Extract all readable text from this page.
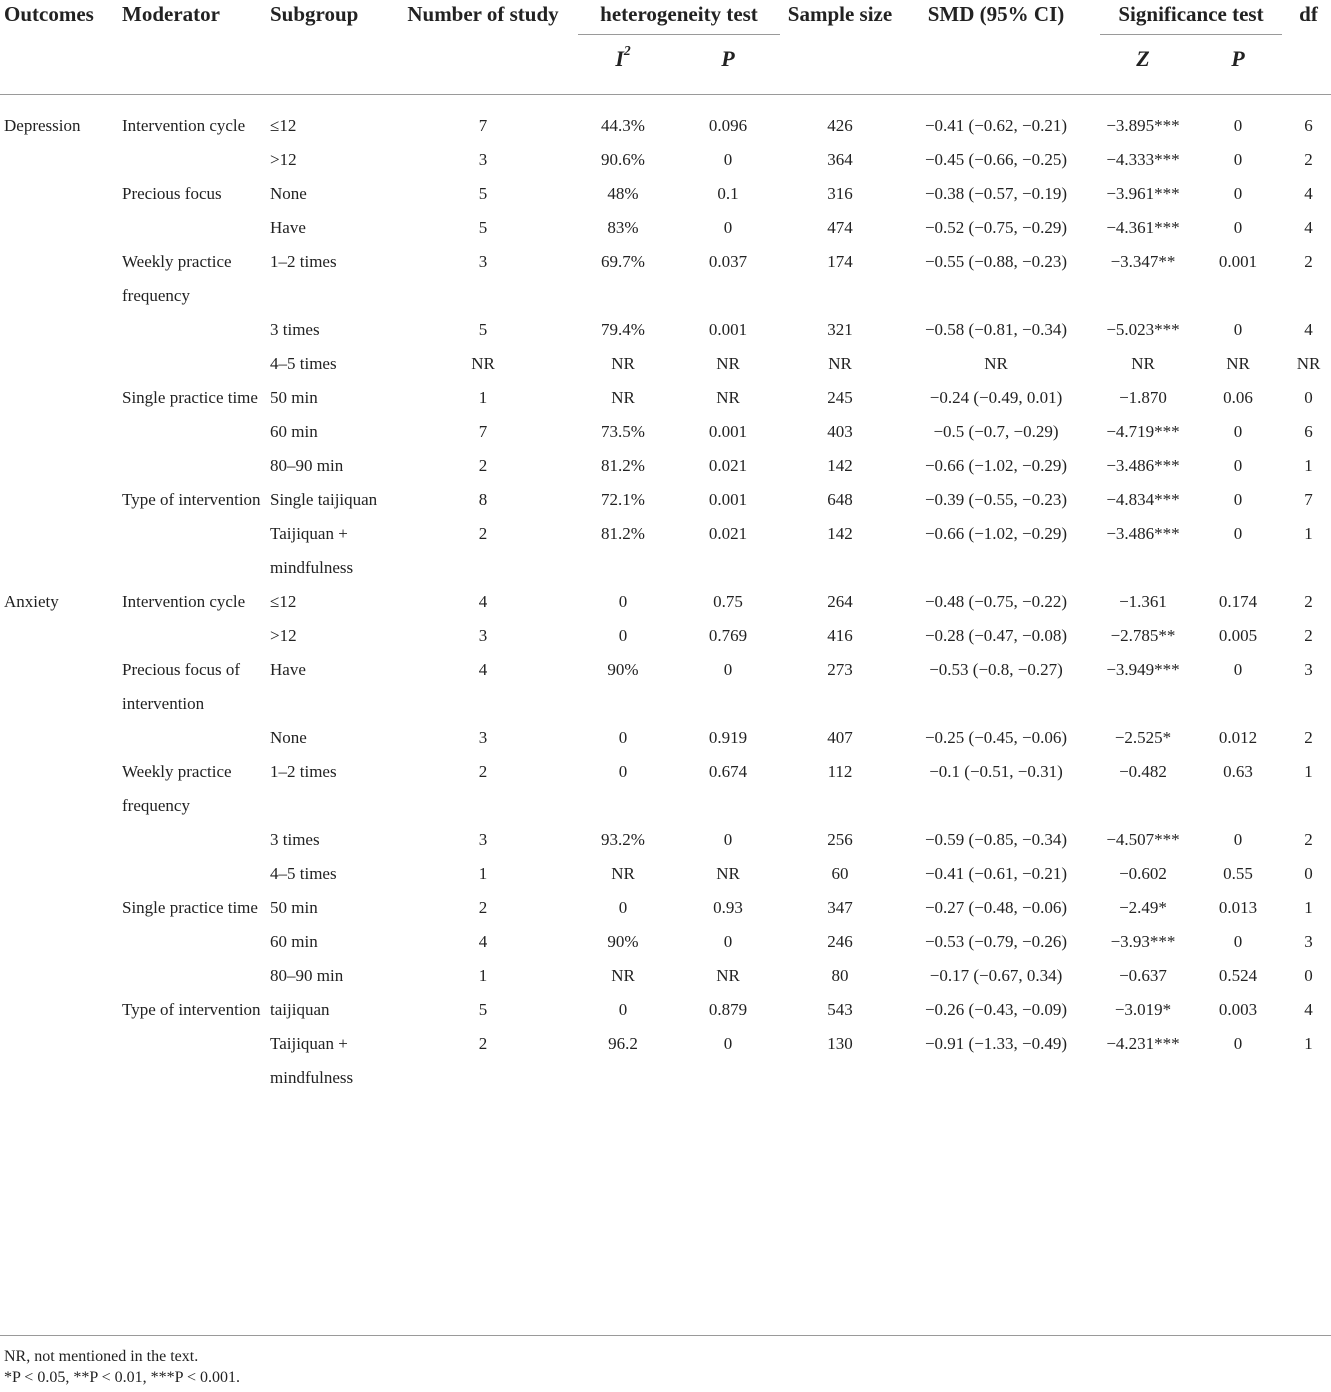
Outcomes	Moderator	Subgroup	Number of study	heterogeneity test		Sample size	SMD (95% CI)	Significance test		df
				$I^2$	P			Z	P	
Depression	Intervention cycle	≤12	7	44.3%	0.096	426	−0.41 (−0.62, −0.21)	−3.895***	0	6
		>12	3	90.6%	0	364	−0.45 (−0.66, −0.25)	−4.333***	0	2
	Precious focus	None	5	48%	0.1	316	−0.38 (−0.57, −0.19)	−3.961***	0	4
		Have	5	83%	0	474	−0.52 (−0.75, −0.29)	−4.361***	0	4
	Weekly practice frequency	1–2 times	3	69.7%	0.037	174	−0.55 (−0.88, −0.23)	−3.347**	0.001	2
		3 times	5	79.4%	0.001	321	−0.58 (−0.81, −0.34)	−5.023***	0	4
		4–5 times	NR	NR	NR	NR	NR	NR	NR	NR
	Single practice time	50 min	1	NR	NR	245	−0.24 (−0.49, 0.01)	−1.870	0.06	0
		60 min	7	73.5%	0.001	403	−0.5 (−0.7, −0.29)	−4.719***	0	6
		80–90 min	2	81.2%	0.021	142	−0.66 (−1.02, −0.29)	−3.486***	0	1
	Type of intervention	Single taijiquan	8	72.1%	0.001	648	−0.39 (−0.55, −0.23)	−4.834***	0	7
		Taijiquan + mindfulness	2	81.2%	0.021	142	−0.66 (−1.02, −0.29)	−3.486***	0	1
Anxiety	Intervention cycle	≤12	4	0	0.75	264	−0.48 (−0.75, −0.22)	−1.361	0.174	2
		>12	3	0	0.769	416	−0.28 (−0.47, −0.08)	−2.785**	0.005	2
	Precious focus of intervention	Have	4	90%	0	273	−0.53 (−0.8, −0.27)	−3.949***	0	3
		None	3	0	0.919	407	−0.25 (−0.45, −0.06)	−2.525*	0.012	2
	Weekly practice frequency	1–2 times	2	0	0.674	112	−0.1 (−0.51, −0.31)	−0.482	0.63	1
		3 times	3	93.2%	0	256	−0.59 (−0.85, −0.34)	−4.507***	0	2
		4–5 times	1	NR	NR	60	−0.41 (−0.61, −0.21)	−0.602	0.55	0
	Single practice time	50 min	2	0	0.93	347	−0.27 (−0.48, −0.06)	−2.49*	0.013	1
		60 min	4	90%	0	246	−0.53 (−0.79, −0.26)	−3.93***	0	3
		80–90 min	1	NR	NR	80	−0.17 (−0.67, 0.34)	−0.637	0.524	0
	Type of intervention	taijiquan	5	0	0.879	543	−0.26 (−0.43, −0.09)	−3.019*	0.003	4
		Taijiquan + mindfulness	2	96.2	0	130	−0.91 (−1.33, −0.49)	−4.231***	0	1
NR, not mentioned in the text.
*P < 0.05, **P < 0.01, ***P < 0.001.
